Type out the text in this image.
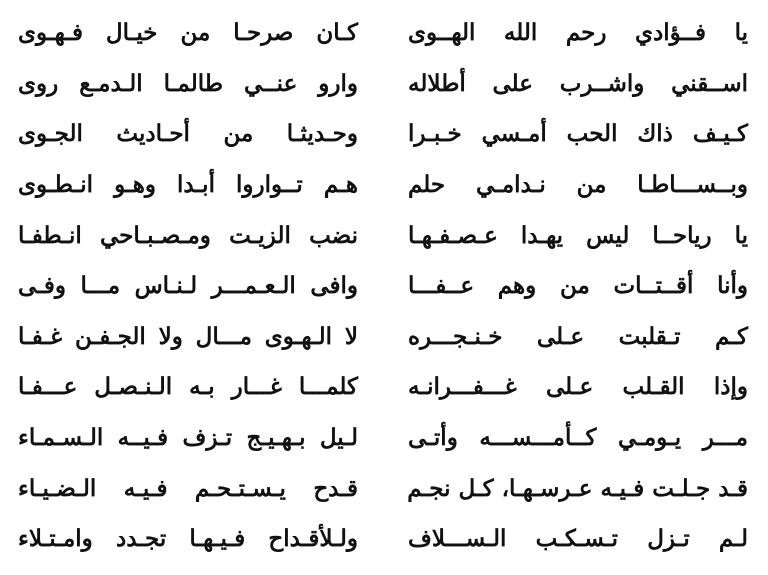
يا فــؤادي رحم الله الهــوى
كـان صرحـا من خيـال فـهـوى
اســقني واشــرب على أطلاله
وارو عنــي طالمـا الـدمـع روى
كـيـف ذاك الحب أمـسي خـبـرا
وحـديثـا من أحـاديث الجـوى
وبــســـاطـا من نـدامـي حلم
هـم تــواروا أبـدا وهـو انـطـوى
يا رياحــا ليس يهـدا عـصـفـهـا
نضب الزيـت ومـصـبـاحي انـطفـا
وأنا أقــتــات من وهم عــفـــا
وافى الـعـمـــر لـنـاس مـــا وفـى
كـم تـقلبت عـلى خـنـجـــره
لا الـهـوى مـــال ولا الجـفـن غـفـا
وإذا القـلب عـلى غـــفـــرانـه
كلمـــا غـــار بـه الـنـصـل عـــفـا
مـــر يـومـي كــأمـــســـه وأتـى
لـيل بـهـيـج تـزف فـيــه الـسـمـاء
قـد جـلـت فـيـه عـرسـهـا، كـل نجـم
قـدح يـسـتـحـم فـيـه الـضـيـاء
لـم تـزل تـسـكـب الـســـلاف
ولـلأقـداح فـيـهـا تجـدد وامـتـلاء
